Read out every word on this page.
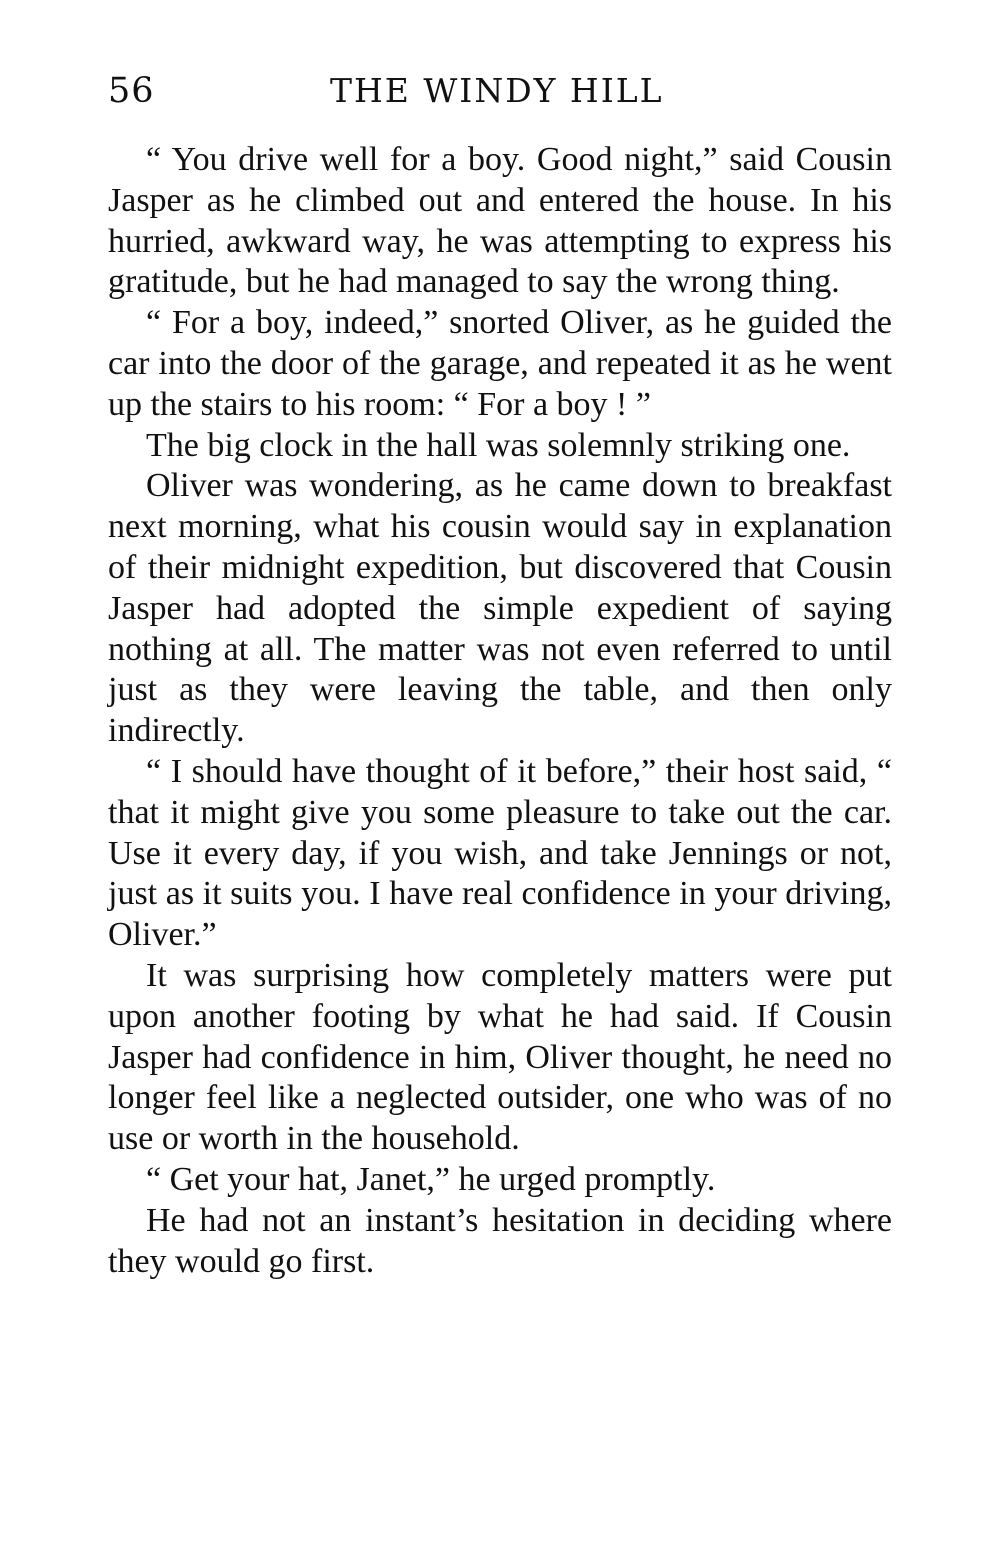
56	THE WINDY HILL

“ You drive well for a boy. Good night,” said Cousin Jasper as he climbed out and entered the house. In his hurried, awkward way, he was attempting to express his gratitude, but he had managed to say the wrong thing.

“ For a boy, indeed,” snorted Oliver, as he guided the car into the door of the garage, and repeated it as he went up the stairs to his room: “ For a boy ! ”

The big clock in the hall was solemnly striking one.

Oliver was wondering, as he came down to breakfast next morning, what his cousin would say in explanation of their midnight expedition, but discovered that Cousin Jasper had adopted the simple expedient of saying nothing at all. The matter was not even referred to until just as they were leaving the table, and then only indirectly.

“ I should have thought of it before,” their host said, “ that it might give you some pleasure to take out the car. Use it every day, if you wish, and take Jennings or not, just as it suits you. I have real confidence in your driving, Oliver.”

It was surprising how completely matters were put upon another footing by what he had said. If Cousin Jasper had confidence in him, Oliver thought, he need no longer feel like a neglected outsider, one who was of no use or worth in the household.

“ Get your hat, Janet,” he urged promptly.

He had not an instant’s hesitation in deciding where they would go first.
